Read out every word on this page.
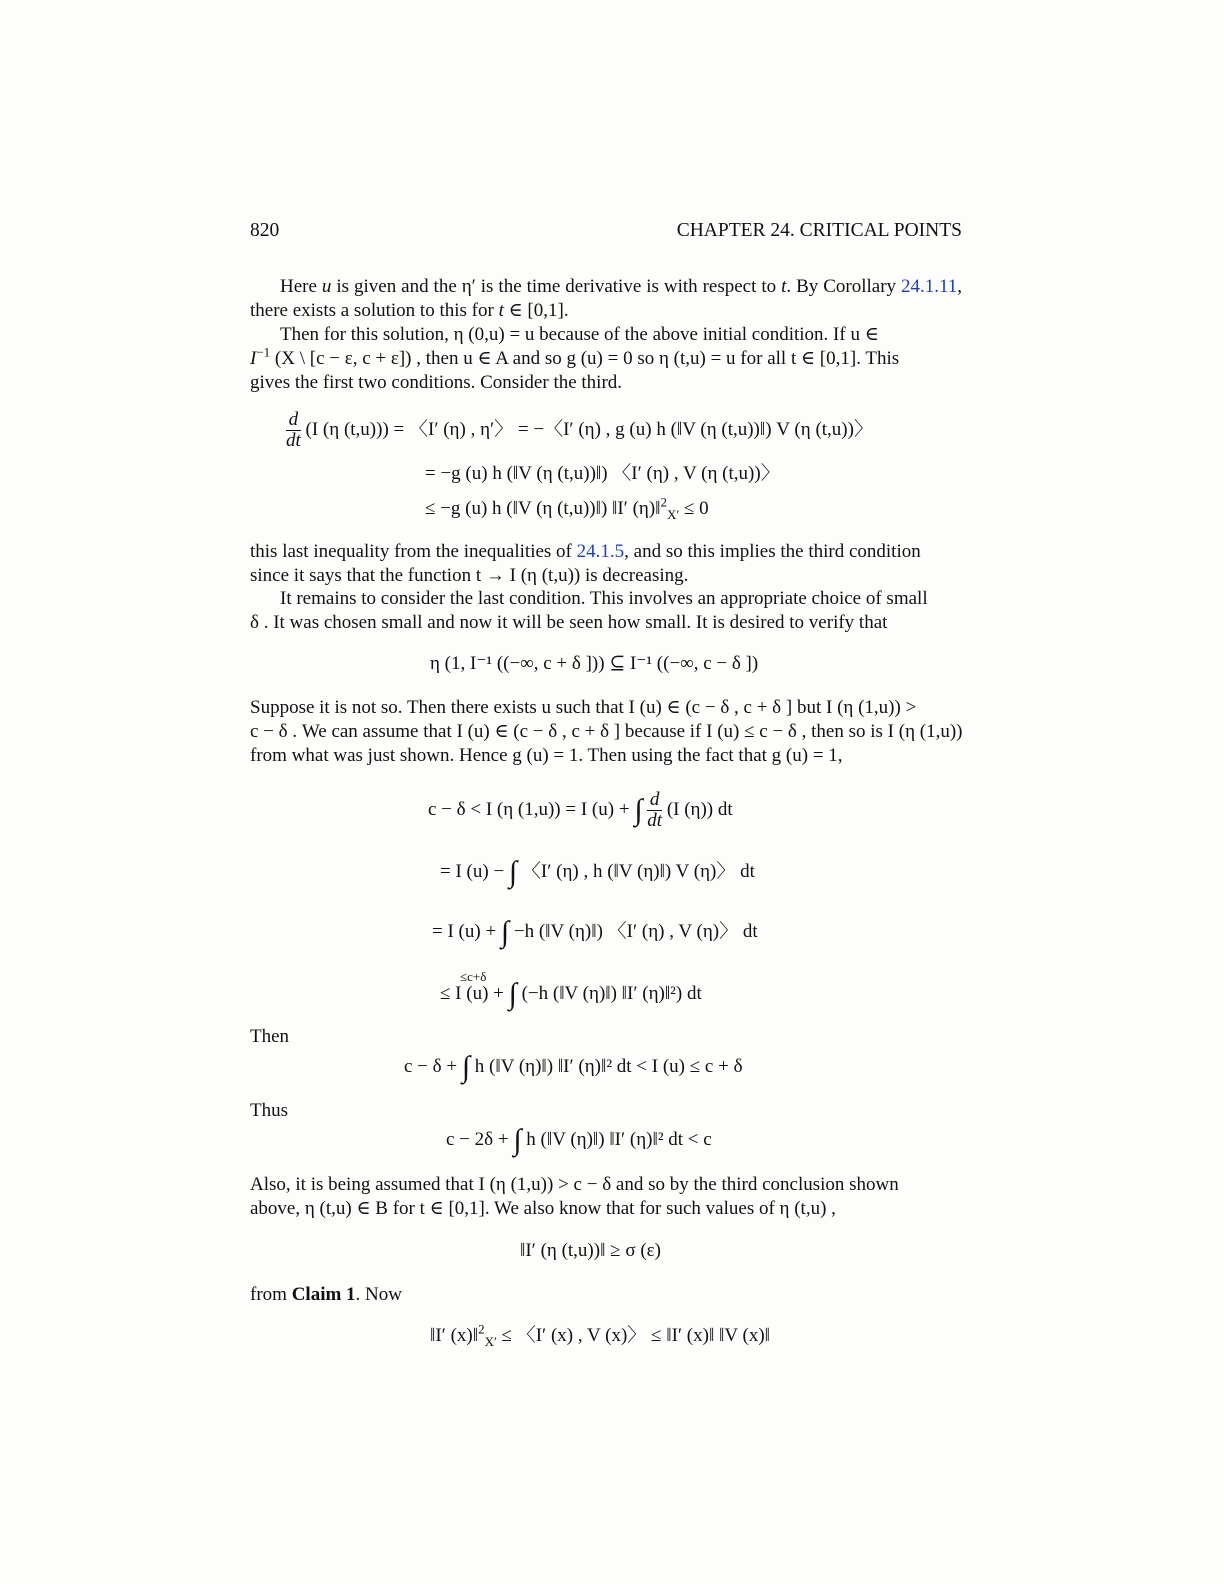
820	CHAPTER 24. CRITICAL POINTS
Here u is given and the η′ is the time derivative is with respect to t. By Corollary 24.1.11, there exists a solution to this for t ∈ [0,1].
Then for this solution, η (0,u) = u because of the above initial condition. If u ∈
$I^{-1}$ (X \ [c − ε, c + ε]) , then u ∈ A and so g (u) = 0 so η (t,u) = u for all t ∈ [0,1]. This
gives the first two conditions. Consider the third.
$\frac{d}{dt} (I$ (η (t,u))) = 〈I′ (η) , η′〉 = −〈I′ (η) , g (u) h (‖V (η (t,u))‖) V (η (t,u))〉
= −g (u) h (‖V (η (t,u))‖) 〈I′ (η) , V (η (t,u))〉
≤ −g (u) h (‖V (η (t,u))‖) ‖I′ (η)‖$^2_{X'}$ ≤ 0
this last inequality from the inequalities of 24.1.5, and so this implies the third condition
since it says that the function t → I (η (t,u)) is decreasing.
It remains to consider the last condition. This involves an appropriate choice of small
δ . It was chosen small and now it will be seen how small. It is desired to verify that
η (1, I⁻¹ ((−∞, c + δ ])) ⊆ I⁻¹ ((−∞, c − δ ])
Suppose it is not so. Then there exists u such that I (u) ∈ (c − δ , c + δ ] but I (η (1,u)) >
c − δ . We can assume that I (u) ∈ (c − δ , c + δ ] because if I (u) ≤ c − δ , then so is I (η (1,u))
from what was just shown. Hence g (u) = 1. Then using the fact that g (u) = 1,
c − δ < I (η (1,u)) = I (u) + ∫ $\frac{d}{dt} (I$ (η)) dt
= I (u) − ∫ 〈I′ (η) , h (‖V (η)‖) V (η)〉 dt
= I (u) + ∫ −h (‖V (η)‖) 〈I′ (η) , V (η)〉 dt
≤c+δ
≤ I (u) + ∫ (−h (‖V (η)‖) ‖I′ (η)‖²) dt
Then
c − δ + ∫ h (‖V (η)‖) ‖I′ (η)‖² dt < I (u) ≤ c + δ
Thus
c − 2δ + ∫ h (‖V (η)‖) ‖I′ (η)‖² dt < c
Also, it is being assumed that I (η (1,u)) > c − δ and so by the third conclusion shown
above, η (t,u) ∈ B for t ∈ [0,1]. We also know that for such values of η (t,u) ,
‖I′ (η (t,u))‖ ≥ σ (ε)
from Claim 1. Now
‖I′ (x)‖$^2_{X'}$ ≤ 〈I′ (x) , V (x)〉 ≤ ‖I′ (x)‖ ‖V (x)‖
